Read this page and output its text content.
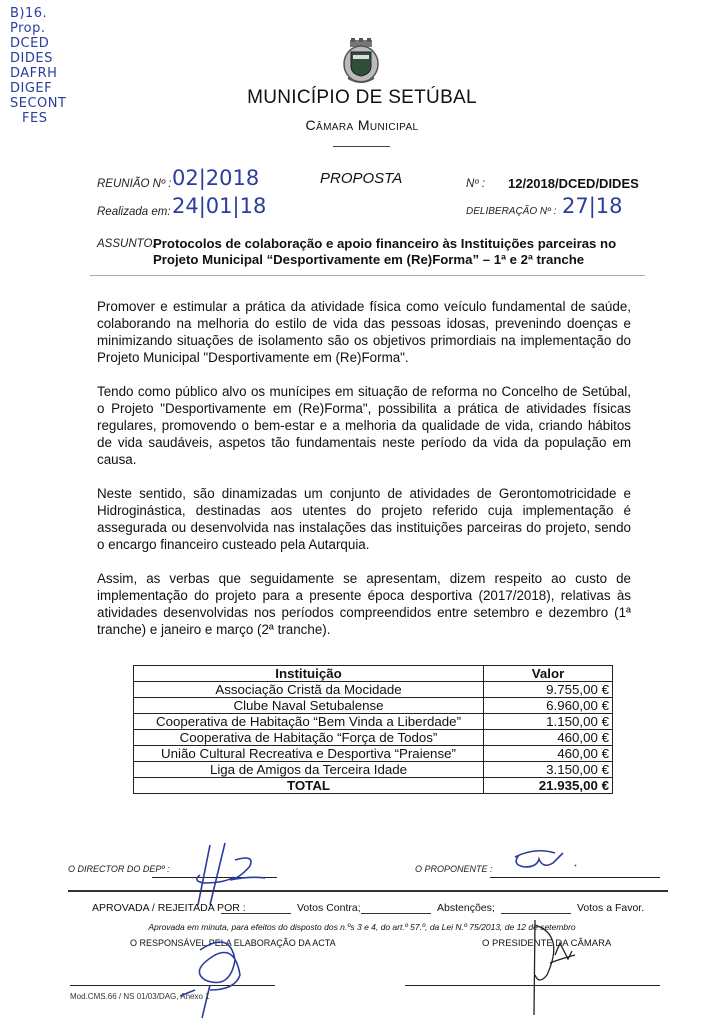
B)16.
Prop.
DCED
DIDES
DAFRH
DIGEF
SECONT
FES
MUNICÍPIO DE SETÚBAL
Câmara Municipal
REUNIÃO Nº : 02|2018
Realizada em: 24|01|18
PROPOSTA	Nº : 12/2018/DCED/DIDES
DELIBERAÇÃO Nº : 27|18
ASSUNTO:
Protocolos de colaboração e apoio financeiro às Instituições parceiras no Projeto Municipal “Desportivamente em (Re)Forma” – 1ª e 2ª tranche

Promover e estimular a prática da atividade física como veículo fundamental de saúde, colaborando na melhoria do estilo de vida das pessoas idosas, prevenindo doenças e minimizando situações de isolamento são os objetivos primordiais na implementação do Projeto Municipal "Desportivamente em (Re)Forma".

Tendo como público alvo os munícipes em situação de reforma no Concelho de Setúbal, o Projeto "Desportivamente em (Re)Forma", possibilita a prática de atividades físicas regulares, promovendo o bem-estar e a melhoria da qualidade de vida, criando hábitos de vida saudáveis, aspetos tão fundamentais neste período da vida da população em causa.

Neste sentido, são dinamizadas um conjunto de atividades de Gerontomotricidade e Hidroginástica, destinadas aos utentes do projeto referido cuja implementação é assegurada ou desenvolvida nas instalações das instituições parceiras do projeto, sendo o encargo financeiro custeado pela Autarquia.

Assim, as verbas que seguidamente se apresentam, dizem respeito ao custo de implementação do projeto para a presente época desportiva (2017/2018), relativas às atividades desenvolvidas nos períodos compreendidos entre setembro e dezembro (1ª tranche) e janeiro e março (2ª tranche).

Instituição	Valor
Associação Cristã da Mocidade	9.755,00 €
Clube Naval Setubalense	6.960,00 €
Cooperativa de Habitação “Bem Vinda a Liberdade”	1.150,00 €
Cooperativa de Habitação “Força de Todos”	460,00 €
União Cultural Recreativa e Desportiva “Praiense”	460,00 €
Liga de Amigos da Terceira Idade	3.150,00 €
TOTAL	21.935,00 €
O DIRECTOR DO DEPº :	O PROPONENTE :
APROVADA / REJEITADA POR :	Votos Contra;	Abstenções;	Votos a Favor.
Aprovada em minuta, para efeitos do disposto dos n.ºs 3 e 4, do art.º 57.º, da Lei N.º 75/2013, de 12 de setembro
O RESPONSÁVEL PELA ELABORAÇÃO DA ACTA	O PRESIDENTE DA CÂMARA
Mod.CMS.66 / NS 01/03/DAG, Anexo 1
